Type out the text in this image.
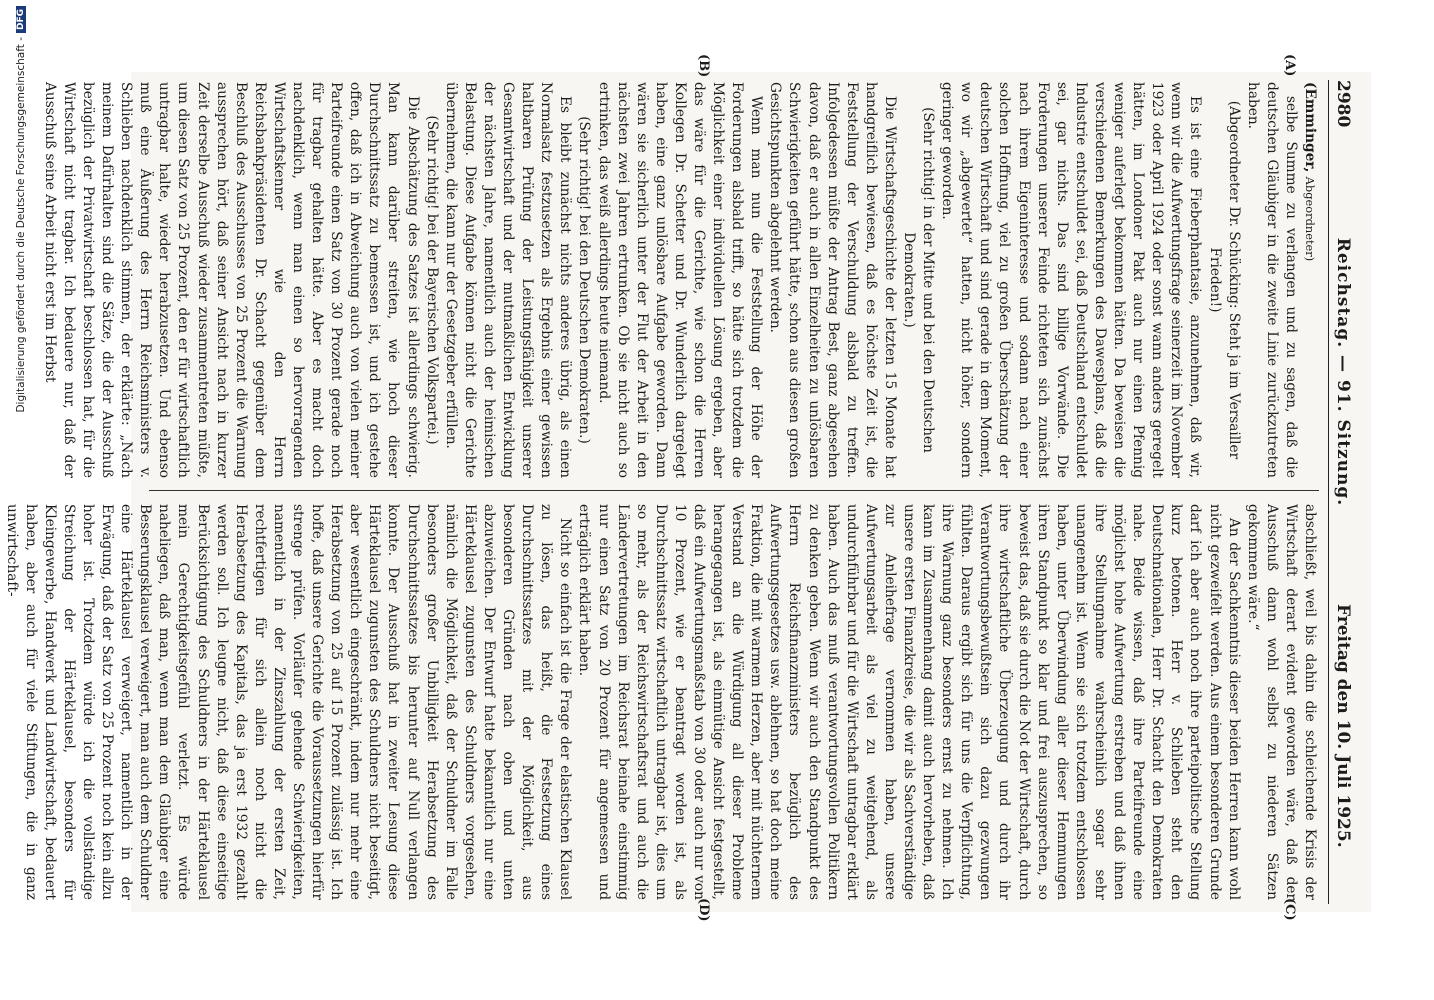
2980
Reichstag. — 91. Sitzung.
Freitag den 10. Juli 1925.

(Emminger, Abgeordneter)

selbe Summe zu verlangen und zu sagen, daß die deutschen Gläubiger in die zweite Linie zurückzutreten haben.

(Abgeordneter Dr. Schücking: Steht ja im Versailler Frieden!)

Es ist eine Fieberphantasie, anzunehmen, daß wir, wenn wir die Aufwertungsfrage seinerzeit im November 1923 oder April 1924 oder sonst wann anders geregelt hätten, im Londoner Pakt auch nur einen Pfennig weniger auferlegt bekommen hätten. Da beweisen die verschiedenen Bemerkungen des Dawesplans, daß die Industrie entschuldet sei, daß Deutschland entschuldet sei, gar nichts. Das sind billige Vorwände. Die Forderungen unserer Feinde richteten sich zunächst nach ihrem Eigeninteresse und sodann nach einer solchen Hoffnung, viel zu großen Überschätzung der deutschen Wirtschaft und sind gerade in dem Moment, wo wir „abgewertet“ hatten, nicht höher, sondern geringer geworden.

(Sehr richtig! in der Mitte und bei den Deutschen Demokraten.)

Die Wirtschaftsgeschichte der letzten 15 Monate hat handgreiflich bewiesen, daß es höchste Zeit ist, die Feststellung der Verschuldung alsbald zu treffen. Infolgedessen müßte der Antrag Best, ganz abgesehen davon, daß er auch in allen Einzelheiten zu unlösbaren Schwierigkeiten geführt hätte, schon aus diesen großen Gesichtspunkten abgelehnt werden.

Wenn man nun die Feststellung der Höhe der Forderungen alsbald trifft, so hätte sich trotzdem die Möglichkeit einer individuellen Lösung ergeben, aber das wäre für die Gerichte, wie schon die Herren Kollegen Dr. Schetter und Dr. Wunderlich dargelegt haben, eine ganz unlösbare Aufgabe geworden. Dann wären sie sicherlich unter der Flut der Arbeit in den nächsten zwei Jahren ertrunken. Ob sie nicht auch so ertrinken, das weiß allerdings heute niemand.

(Sehr richtig! bei den Deutschen Demokraten.)

Es bleibt zunächst nichts anderes übrig, als einen Normalsatz festzusetzen als Ergebnis einer gewissen haltbaren Prüfung der Leistungsfähigkeit unserer Gesamtwirtschaft und der mutmaßlichen Entwicklung der nächsten Jahre, namentlich auch der heimischen Belastung. Diese Aufgabe können nicht die Gerichte übernehmen, die kann nur der Gesetzgeber erfüllen.

(Sehr richtig! bei der Bayerischen Volkspartei.)

Die Abschätzung des Satzes ist allerdings schwierig. Man kann darüber streiten, wie hoch dieser Durchschnittssatz zu bemessen ist, und ich gestehe offen, daß ich in Abweichung auch von vielen meiner Parteifreunde einen Satz von 30 Prozent gerade noch für tragbar gehalten hätte. Aber es macht doch nachdenklich, wenn man einen so hervorragenden Wirtschaftskenner wie den Herrn Reichsbankpräsidenten Dr. Schacht gegenüber dem Beschluß des Ausschusses von 25 Prozent die Warnung aussprechen hört, daß seiner Ansicht nach in kurzer Zeit derselbe Ausschuß wieder zusammentreten müßte, um diesen Satz von 25 Prozent, den er für wirtschaftlich untragbar halte, wieder herabzusetzen. Und ebenso muß eine Äußerung des Herrn Reichsministers v. Schlieben nachdenklich stimmen, der erklärte: „Nach meinem Dafürhalten sind die Sätze, die der Ausschuß bezüglich der Privatwirtschaft beschlossen hat, für die Wirtschaft nicht tragbar. Ich bedauere nur, daß der Ausschuß seine Arbeit nicht erst im Herbst

abschließt, weil bis dahin die schleichende Krisis der Wirtschaft derart evident geworden wäre, daß der Ausschuß dann wohl selbst zu niederen Sätzen gekommen wäre.“

An der Sachkenntnis dieser beiden Herren kann wohl nicht gezweifelt werden. Aus einem besonderen Grunde darf ich aber auch noch ihre parteipolitische Stellung kurz betonen. Herr v. Schlieben steht den Deutschnationalen, Herr Dr. Schacht den Demokraten nahe. Beide wissen, daß ihre Parteifreunde eine möglichst hohe Aufwertung erstreben und daß ihnen ihre Stellungnahme wahrscheinlich sogar sehr unangenehm ist. Wenn sie sich trotzdem entschlossen haben, unter Überwindung aller dieser Hemmungen ihren Standpunkt so klar und frei auszusprechen, so beweist das, daß sie durch die Not der Wirtschaft, durch ihre wirtschaftliche Überzeugung und durch ihr Verantwortungsbewußtsein sich dazu gezwungen fühlten. Daraus ergibt sich für uns die Verpflichtung, ihre Warnung ganz besonders ernst zu nehmen. Ich kann im Zusammenhang damit auch hervorheben, daß unsere ersten Finanzkreise, die wir als Sachverständige zur Anleihefrage vernommen haben, unsere Aufwertungsarbeit als viel zu weitgehend, als undurchführbar und für die Wirtschaft untragbar erklärt haben. Auch das muß verantwortungsvollen Politikern zu denken geben. Wenn wir auch den Standpunkt des Herrn Reichsfinanzministers bezüglich des Aufwertungsgesetzes usw. ablehnen, so hat doch meine Fraktion, die mit warmem Herzen, aber mit nüchternem Verstand an die Würdigung all dieser Probleme herangegangen ist, als einmütige Ansicht festgestellt, daß ein Aufwertungsmaßstab von 30 oder auch nur von 10 Prozent, wie er beantragt worden ist, als Durchschnittssatz wirtschaftlich untragbar ist, dies um so mehr, als der Reichswirtschaftsrat und auch die Ländervertretungen im Reichsrat beinahe einstimmig nur einen Satz von 20 Prozent für angemessen und erträglich erklärt haben.

Nicht so einfach ist die Frage der elastischen Klausel zu lösen, das heißt, die Festsetzung eines Durchschnittssatzes mit der Möglichkeit, aus besonderen Gründen nach oben und unten abzuweichen. Der Entwurf hatte bekanntlich nur eine Härteklausel zugunsten des Schuldners vorgesehen, nämlich die Möglichkeit, daß der Schuldner im Falle besonders großer Unbilligkeit Herabsetzung des Durchschnittssatzes bis herunter auf Null verlangen konnte. Der Ausschuß hat in zweiter Lesung diese Härteklausel zugunsten des Schuldners nicht beseitigt, aber wesentlich eingeschränkt, indem nur mehr eine Herabsetzung von 25 auf 15 Prozent zulässig ist. Ich hoffe, daß unsere Gerichte die Voraussetzungen hierfür strenge prüfen. Vorläufer gehende Schwierigkeiten, namentlich in der Zinszahlung der ersten Zeit, rechtfertigen für sich allein noch nicht die Herabsetzung des Kapitals, das ja erst 1932 gezahlt werden soll. Ich leugne nicht, daß diese einseitige Berücksichtigung des Schuldners in der Härteklausel mein Gerechtigkeitsgefühl verletzt. Es würde naheliegen, daß man, wenn man dem Gläubiger eine Besserungsklausel verweigert, man auch dem Schuldner eine Härteklausel verweigert, namentlich in der Erwägung, daß der Satz von 25 Prozent noch kein allzu hoher ist. Trotzdem würde ich die vollständige Streichung der Härteklausel, besonders für Kleingewerbe, Handwerk und Landwirtschaft, bedauert haben, aber auch für viele Stiftungen, die in ganz unwirtschaft-

(A)
(B)
(C)
(D)
Digitalisierung gefördert durch die Deutsche Forschungsgemeinschaft -
DFG
